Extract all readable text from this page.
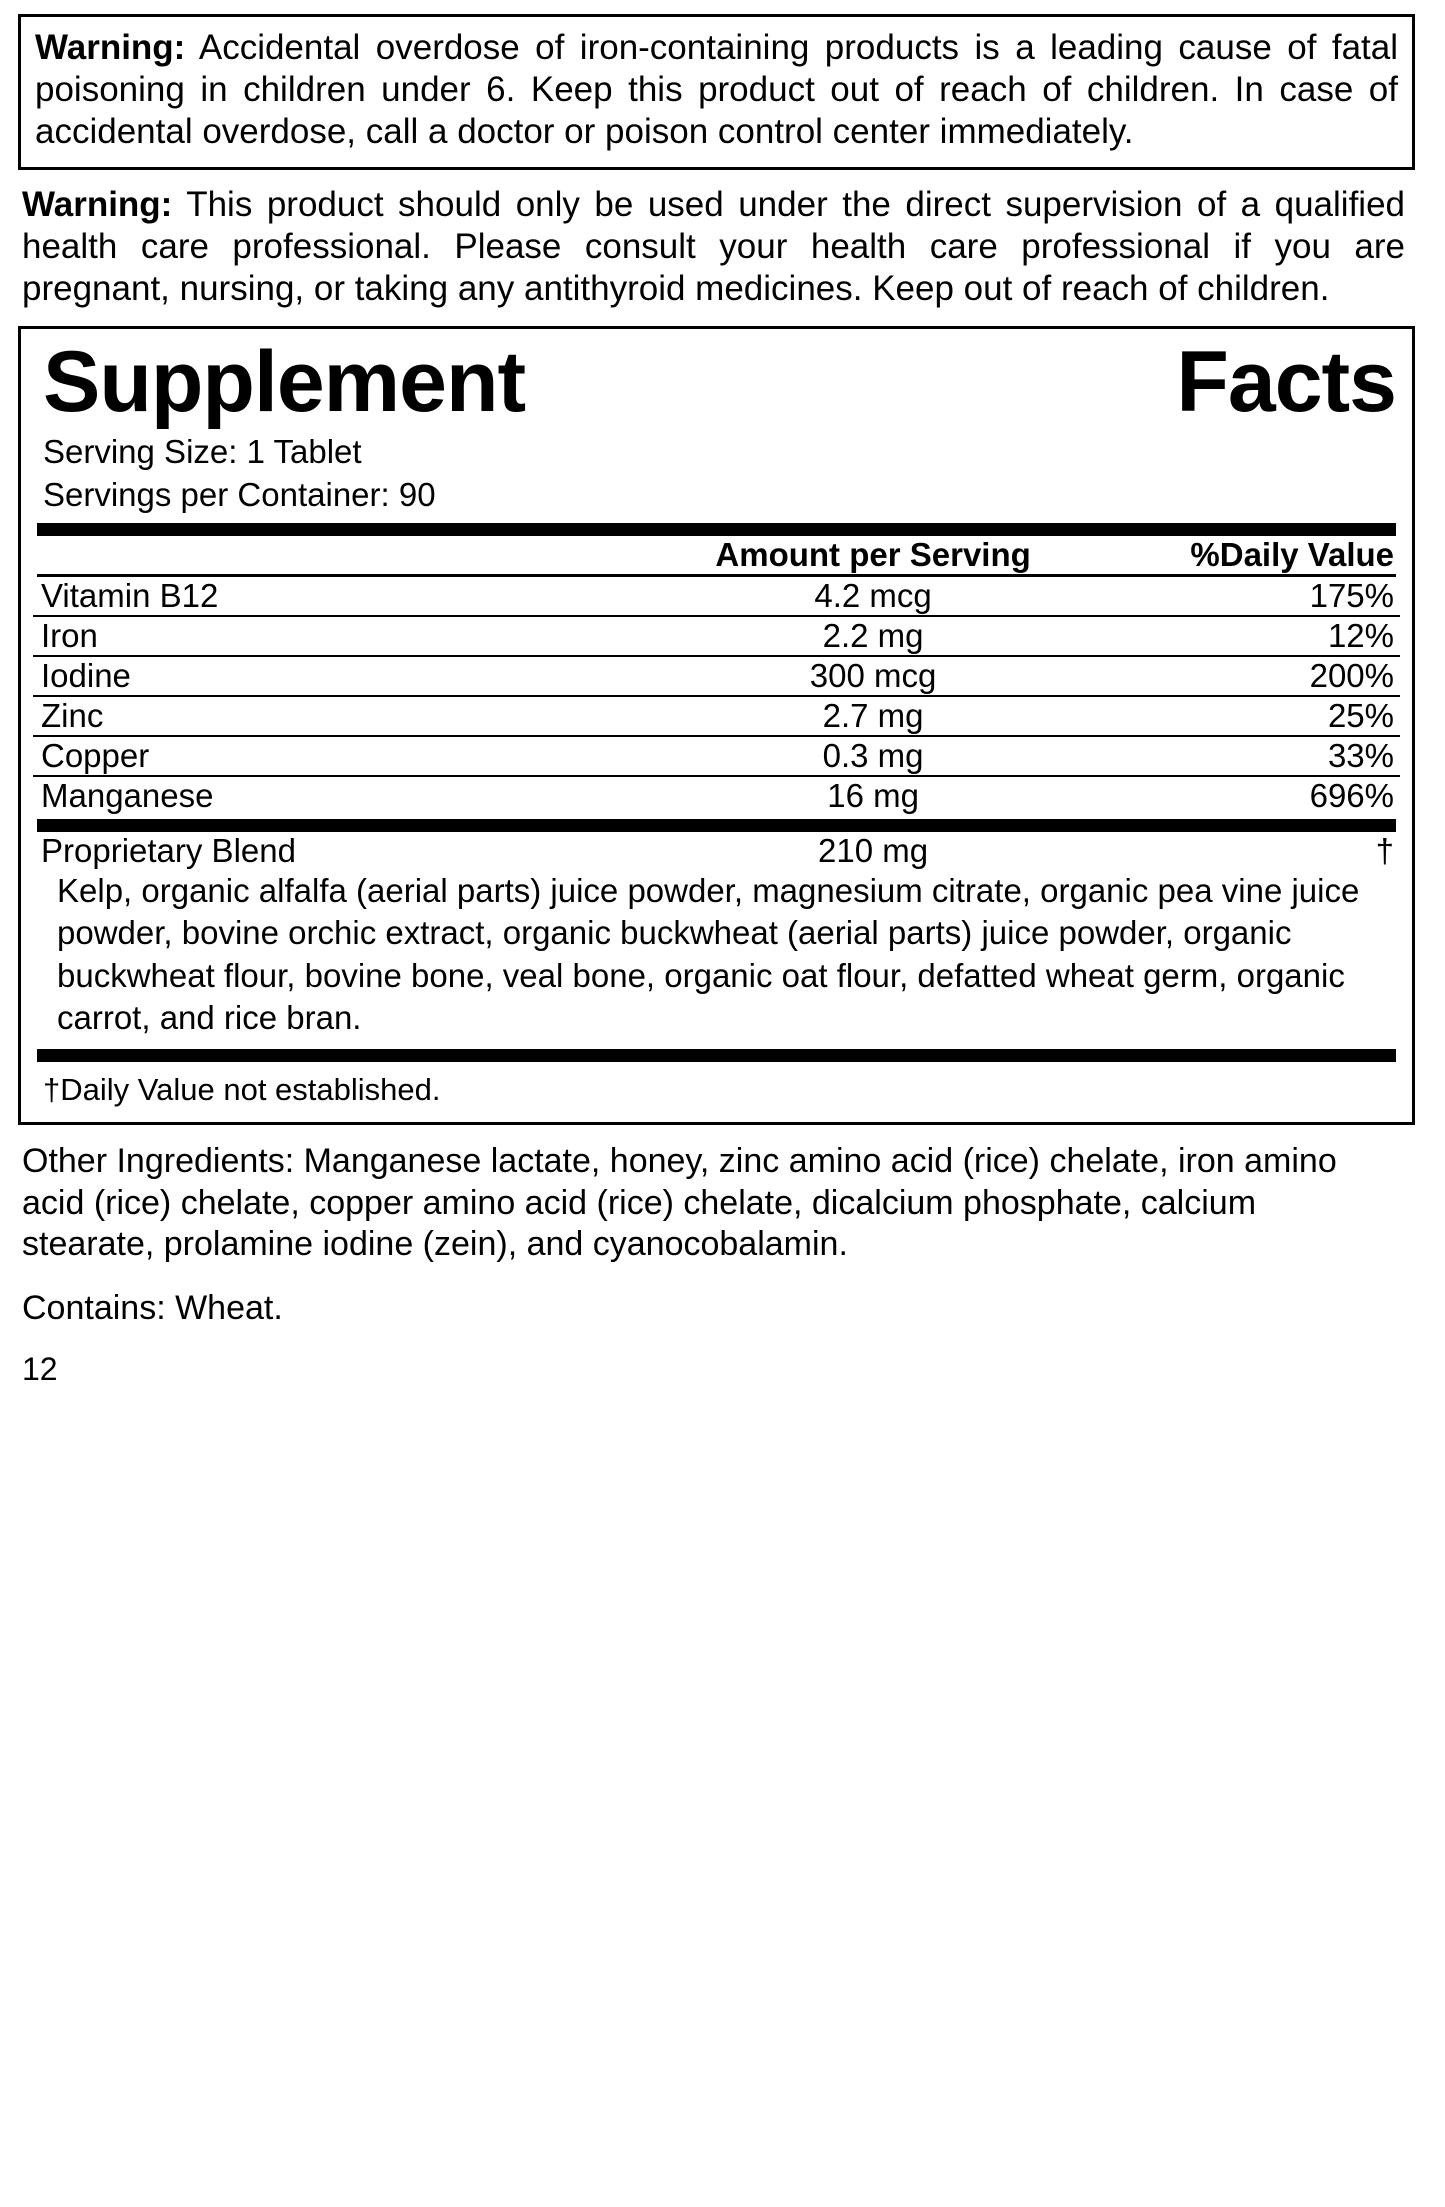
Warning: Accidental overdose of iron-containing products is a leading cause of fatal poisoning in children under 6. Keep this product out of reach of children. In case of accidental overdose, call a doctor or poison control center immediately.
Warning: This product should only be used under the direct supervision of a qualified health care professional. Please consult your health care professional if you are pregnant, nursing, or taking any antithyroid medicines. Keep out of reach of children.
Supplement	Facts
Serving Size: 1 Tablet
Servings per Container: 90
	Amount per Serving	%Daily Value
Vitamin B12	4.2 mcg	175%
Iron	2.2 mg	12%
Iodine	300 mcg	200%
Zinc	2.7 mg	25%
Copper	0.3 mg	33%
Manganese	16 mg	696%
Proprietary Blend	210 mg	†
Kelp, organic alfalfa (aerial parts) juice powder, magnesium citrate, organic pea vine juice powder, bovine orchic extract, organic buckwheat (aerial parts) juice powder, organic buckwheat flour, bovine bone, veal bone, organic oat flour, defatted wheat germ, organic carrot, and rice bran.
†Daily Value not established.
Other Ingredients: Manganese lactate, honey, zinc amino acid (rice) chelate, iron amino acid (rice) chelate, copper amino acid (rice) chelate, dicalcium phosphate, calcium stearate, prolamine iodine (zein), and cyanocobalamin.
Contains: Wheat.
12
